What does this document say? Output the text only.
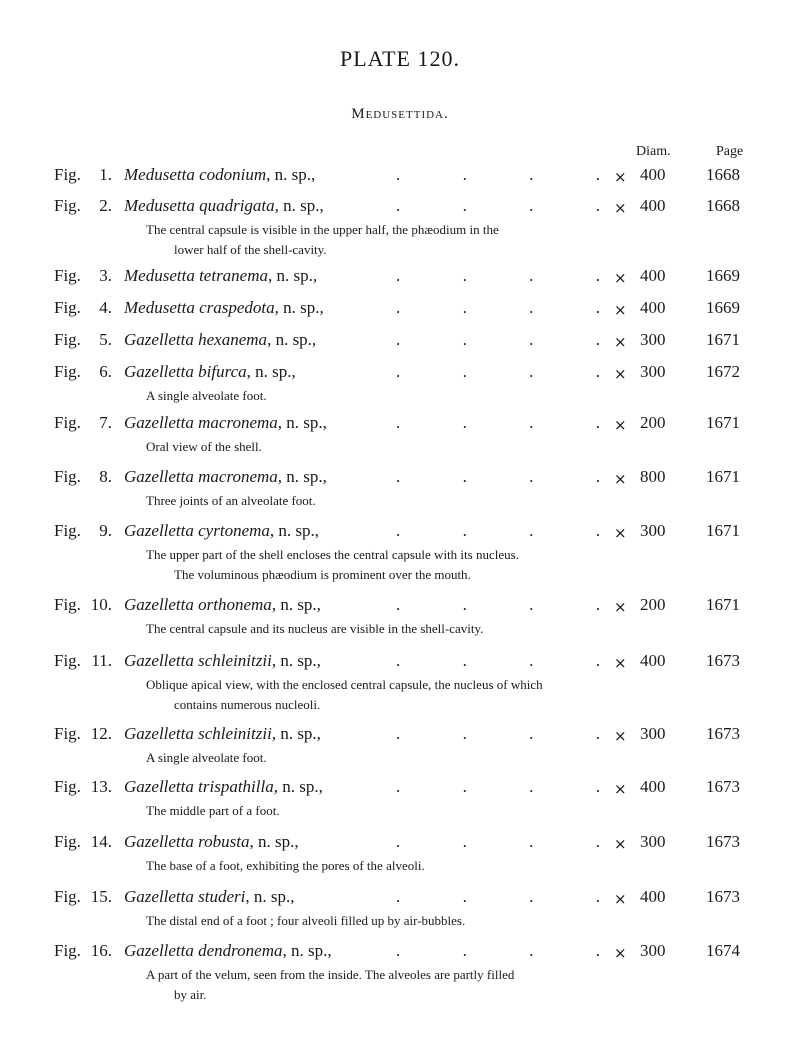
PLATE 120.
Medusettida.
Diam.	Page
Fig.	1. Medusetta codonium, n. sp.,	.	.	.	. × 400 1668
Fig.	2. Medusetta quadrigata, n. sp.,	.	.	.	. × 400 1668
The central capsule is visible in the upper half, the phæodium in the
lower half of the shell-cavity.
Fig.	3. Medusetta tetranema, n. sp.,	.	.	.	. × 400 1669
Fig.	4. Medusetta craspedota, n. sp.,	.	.	.	. × 400 1669
Fig.	5. Gazelletta hexanema, n. sp.,	.	.	.	. × 300 1671
Fig.	6. Gazelletta bifurca, n. sp.,	.	.	.	. × 300 1672
A single alveolate foot.
Fig.	7. Gazelletta macronema, n. sp.,	.	.	.	. × 200 1671
Oral view of the shell.
Fig.	8. Gazelletta macronema, n. sp.,	.	.	.	. × 800 1671
Three joints of an alveolate foot.
Fig.	9. Gazelletta cyrtonema, n. sp.,	.	.	.	. × 300 1671
The upper part of the shell encloses the central capsule with its nucleus.
The voluminous phæodium is prominent over the mouth.
Fig. 10. Gazelletta orthonema, n. sp.,	.	.	.	. × 200 1671
The central capsule and its nucleus are visible in the shell-cavity.
Fig. 11. Gazelletta schleinitzii, n. sp.,	.	.	.	. × 400 1673
Oblique apical view, with the enclosed central capsule, the nucleus of which
contains numerous nucleoli.
Fig. 12. Gazelletta schleinitzii, n. sp.,	.	.	.	. × 300 1673
A single alveolate foot.
Fig. 13. Gazelletta trispathilla, n. sp.,	.	.	.	. × 400 1673
The middle part of a foot.
Fig. 14. Gazelletta robusta, n. sp.,	.	.	.	. × 300 1673
The base of a foot, exhibiting the pores of the alveoli.
Fig. 15. Gazelletta studeri, n. sp.,	.	.	.	. × 400 1673
The distal end of a foot ; four alveoli filled up by air-bubbles.
Fig. 16. Gazelletta dendronema, n. sp.,	.	.	.	. × 300 1674
A part of the velum, seen from the inside. The alveoles are partly filled
by air.
